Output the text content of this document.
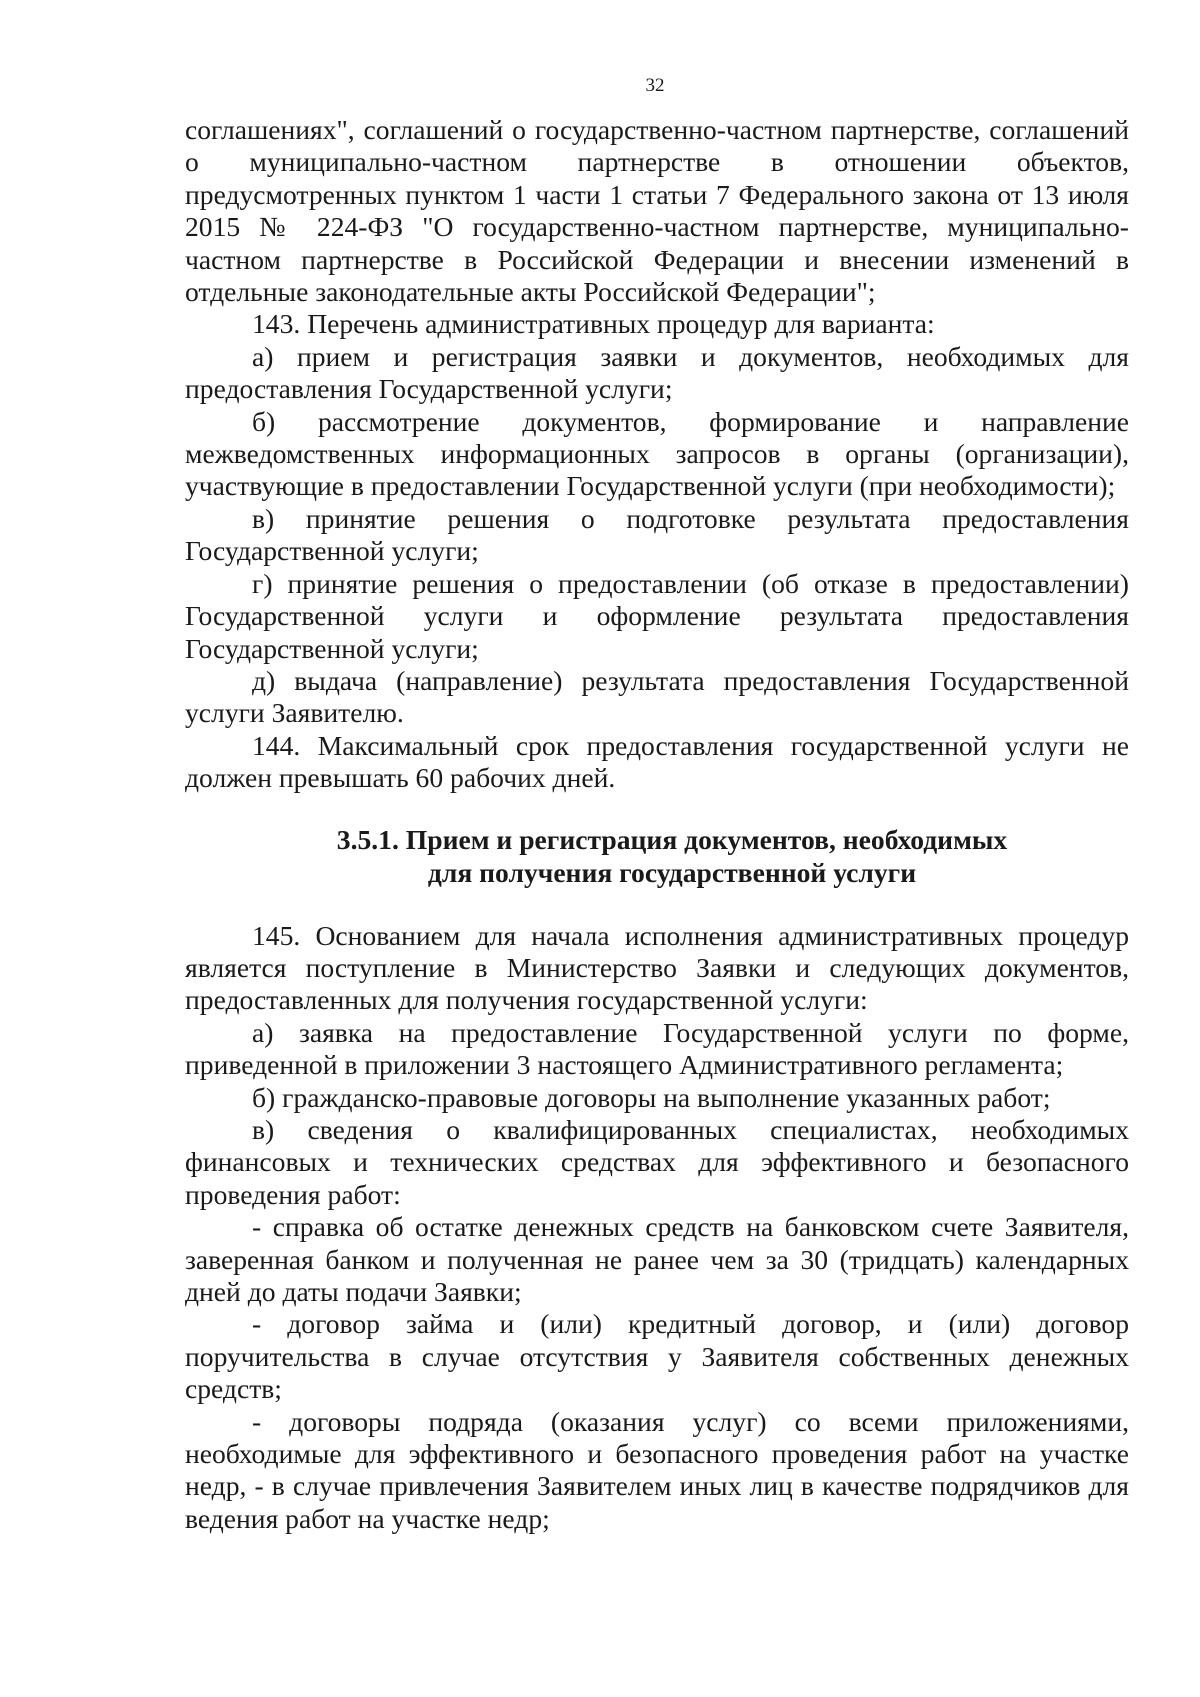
32

соглашениях", соглашений о государственно-частном партнерстве, соглашений о муниципально-частном партнерстве в отношении объектов, предусмотренных пунктом 1 части 1 статьи 7 Федерального закона от 13 июля 2015 № 224-ФЗ "О государственно-частном партнерстве, муниципально-частном партнерстве в Российской Федерации и внесении изменений в отдельные законодательные акты Российской Федерации";

143. Перечень административных процедур для варианта:

а) прием и регистрация заявки и документов, необходимых для предоставления Государственной услуги;

б) рассмотрение документов, формирование и направление межведомственных информационных запросов в органы (организации), участвующие в предоставлении Государственной услуги (при необходимости);

в) принятие решения о подготовке результата предоставления Государственной услуги;

г) принятие решения о предоставлении (об отказе в предоставлении) Государственной услуги и оформление результата предоставления Государственной услуги;

д) выдача (направление) результата предоставления Государственной услуги Заявителю.

144. Максимальный срок предоставления государственной услуги не должен превышать 60 рабочих дней.

3.5.1. Прием и регистрация документов, необходимых
для получения государственной услуги

145. Основанием для начала исполнения административных процедур является поступление в Министерство Заявки и следующих документов, предоставленных для получения государственной услуги:

а) заявка на предоставление Государственной услуги по форме, приведенной в приложении 3 настоящего Административного регламента;

б) гражданско-правовые договоры на выполнение указанных работ;

в) сведения о квалифицированных специалистах, необходимых финансовых и технических средствах для эффективного и безопасного проведения работ:

- справка об остатке денежных средств на банковском счете Заявителя, заверенная банком и полученная не ранее чем за 30 (тридцать) календарных дней до даты подачи Заявки;

- договор займа и (или) кредитный договор, и (или) договор поручительства в случае отсутствия у Заявителя собственных денежных средств;

- договоры подряда (оказания услуг) со всеми приложениями, необходимые для эффективного и безопасного проведения работ на участке недр, - в случае привлечения Заявителем иных лиц в качестве подрядчиков для ведения работ на участке недр;
